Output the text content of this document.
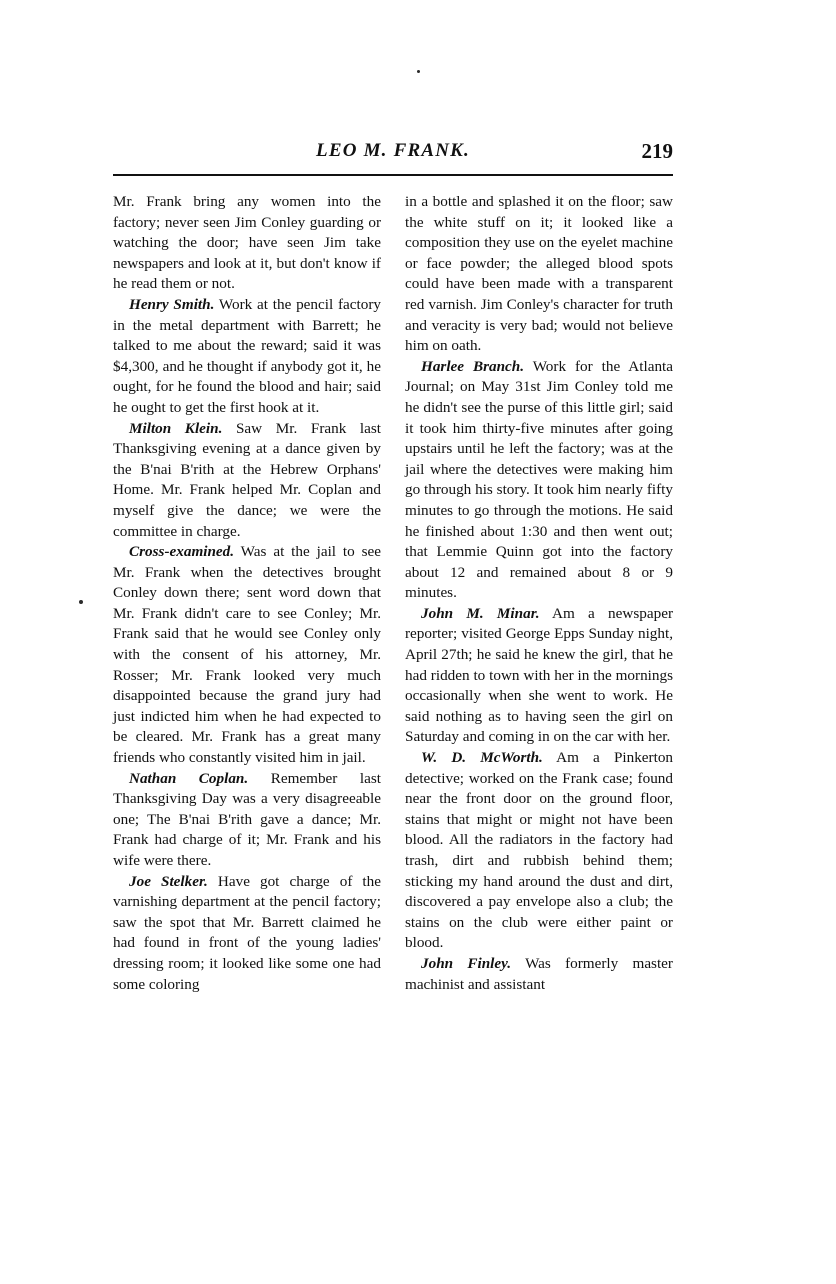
LEO M. FRANK.	219

Mr. Frank bring any women into the factory; never seen Jim Conley guarding or watching the door; have seen Jim take newspapers and look at it, but don't know if he read them or not.

Henry Smith. Work at the pencil factory in the metal department with Barrett; he talked to me about the reward; said it was $4,300, and he thought if anybody got it, he ought, for he found the blood and hair; said he ought to get the first hook at it.

Milton Klein. Saw Mr. Frank last Thanksgiving evening at a dance given by the B'nai B'rith at the Hebrew Orphans' Home. Mr. Frank helped Mr. Coplan and myself give the dance; we were the committee in charge.

Cross-examined. Was at the jail to see Mr. Frank when the detectives brought Conley down there; sent word down that Mr. Frank didn't care to see Conley; Mr. Frank said that he would see Conley only with the consent of his attorney, Mr. Rosser; Mr. Frank looked very much disappointed because the grand jury had just indicted him when he had expected to be cleared. Mr. Frank has a great many friends who constantly visited him in jail.

Nathan Coplan. Remember last Thanksgiving Day was a very disagreeable one; The B'nai B'rith gave a dance; Mr. Frank had charge of it; Mr. Frank and his wife were there.

Joe Stelker. Have got charge of the varnishing department at the pencil factory; saw the spot that Mr. Barrett claimed he had found in front of the young ladies' dressing room; it looked like some one had some coloring

in a bottle and splashed it on the floor; saw the white stuff on it; it looked like a composition they use on the eyelet machine or face powder; the alleged blood spots could have been made with a transparent red varnish. Jim Conley's character for truth and veracity is very bad; would not believe him on oath.

Harlee Branch. Work for the Atlanta Journal; on May 31st Jim Conley told me he didn't see the purse of this little girl; said it took him thirty-five minutes after going upstairs until he left the factory; was at the jail where the detectives were making him go through his story. It took him nearly fifty minutes to go through the motions. He said he finished about 1:30 and then went out; that Lemmie Quinn got into the factory about 12 and remained about 8 or 9 minutes.

John M. Minar. Am a newspaper reporter; visited George Epps Sunday night, April 27th; he said he knew the girl, that he had ridden to town with her in the mornings occasionally when she went to work. He said nothing as to having seen the girl on Saturday and coming in on the car with her.

W. D. McWorth. Am a Pinkerton detective; worked on the Frank case; found near the front door on the ground floor, stains that might or might not have been blood. All the radiators in the factory had trash, dirt and rubbish behind them; sticking my hand around the dust and dirt, discovered a pay envelope also a club; the stains on the club were either paint or blood.

John Finley. Was formerly master machinist and assistant
